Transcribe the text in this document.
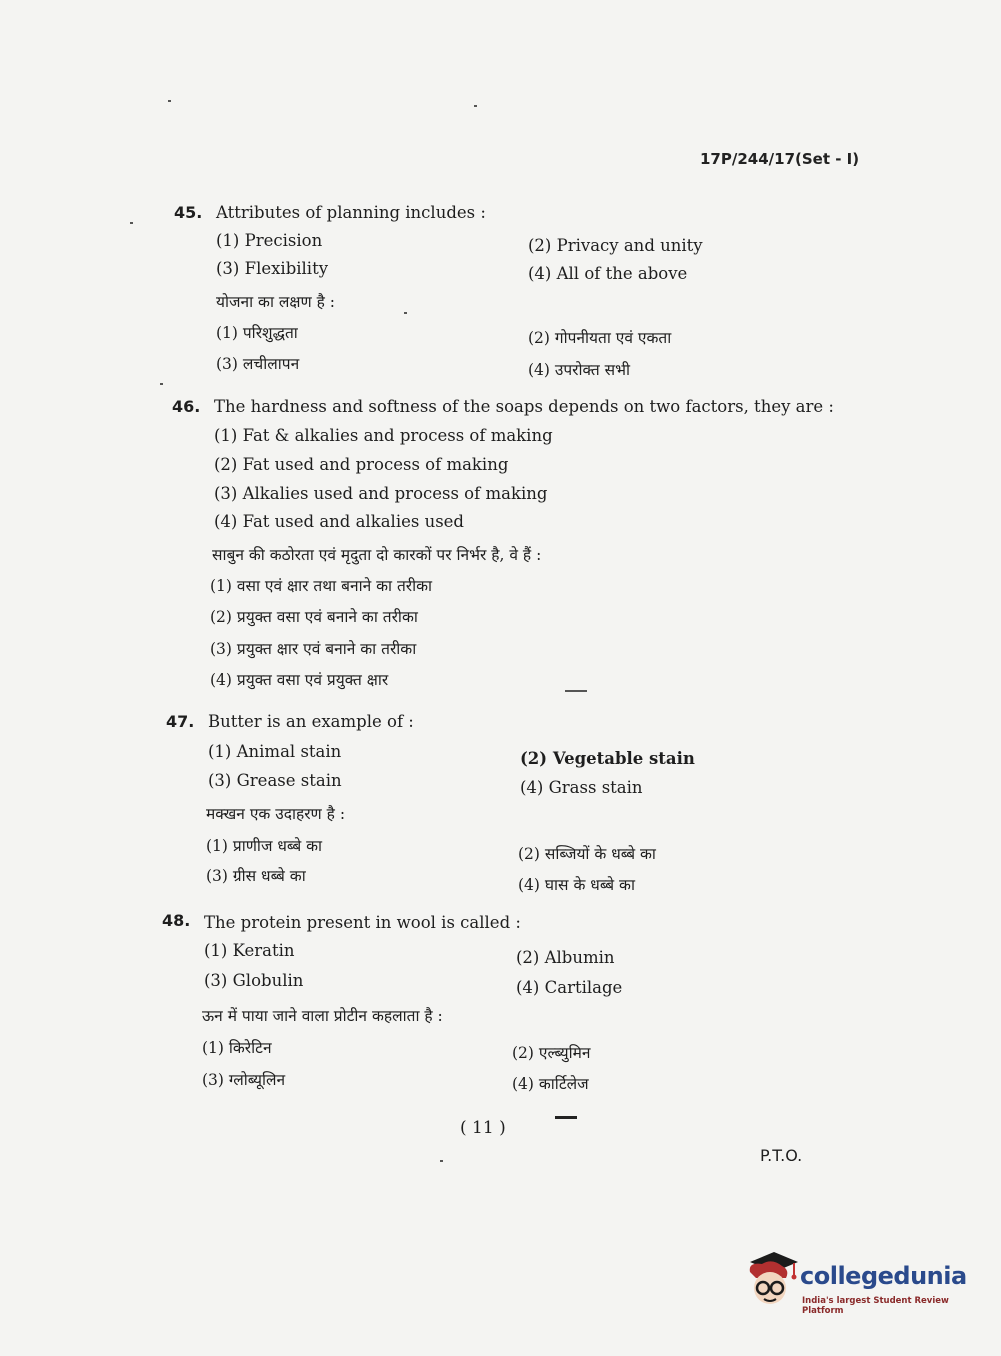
17P/244/17(Set - I)
45. Attributes of planning includes :
(1) Precision	(2) Privacy and unity
(3) Flexibility	(4) All of the above
योजना का लक्षण है :
(1) परिशुद्धता	(2) गोपनीयता एवं एकता
(3) लचीलापन	(4) उपरोक्त सभी
46. The hardness and softness of the soaps depends on two factors, they are :
(1) Fat & alkalies and process of making
(2) Fat used and process of making
(3) Alkalies used and process of making
(4) Fat used and alkalies used
साबुन की कठोरता एवं मृदुता दो कारकों पर निर्भर है, वे हैं :
(1) वसा एवं क्षार तथा बनाने का तरीका
(2) प्रयुक्त वसा एवं बनाने का तरीका
(3) प्रयुक्त क्षार एवं बनाने का तरीका
(4) प्रयुक्त वसा एवं प्रयुक्त क्षार
47. Butter is an example of :
(1) Animal stain	(2) Vegetable stain
(3) Grease stain	(4) Grass stain
मक्खन एक उदाहरण है :
(1) प्राणीज धब्बे का	(2) सब्जियों के धब्बे का
(3) ग्रीस धब्बे का	(4) घास के धब्बे का
48. The protein present in wool is called :
(1) Keratin	(2) Albumin
(3) Globulin	(4) Cartilage
ऊन में पाया जाने वाला प्रोटीन कहलाता है :
(1) किरेटिन	(2) एल्ब्युमिन
(3) ग्लोब्यूलिन	(4) कार्टिलेज
( 11 )
P.T.O.
collegedunia
India's largest Student Review Platform
